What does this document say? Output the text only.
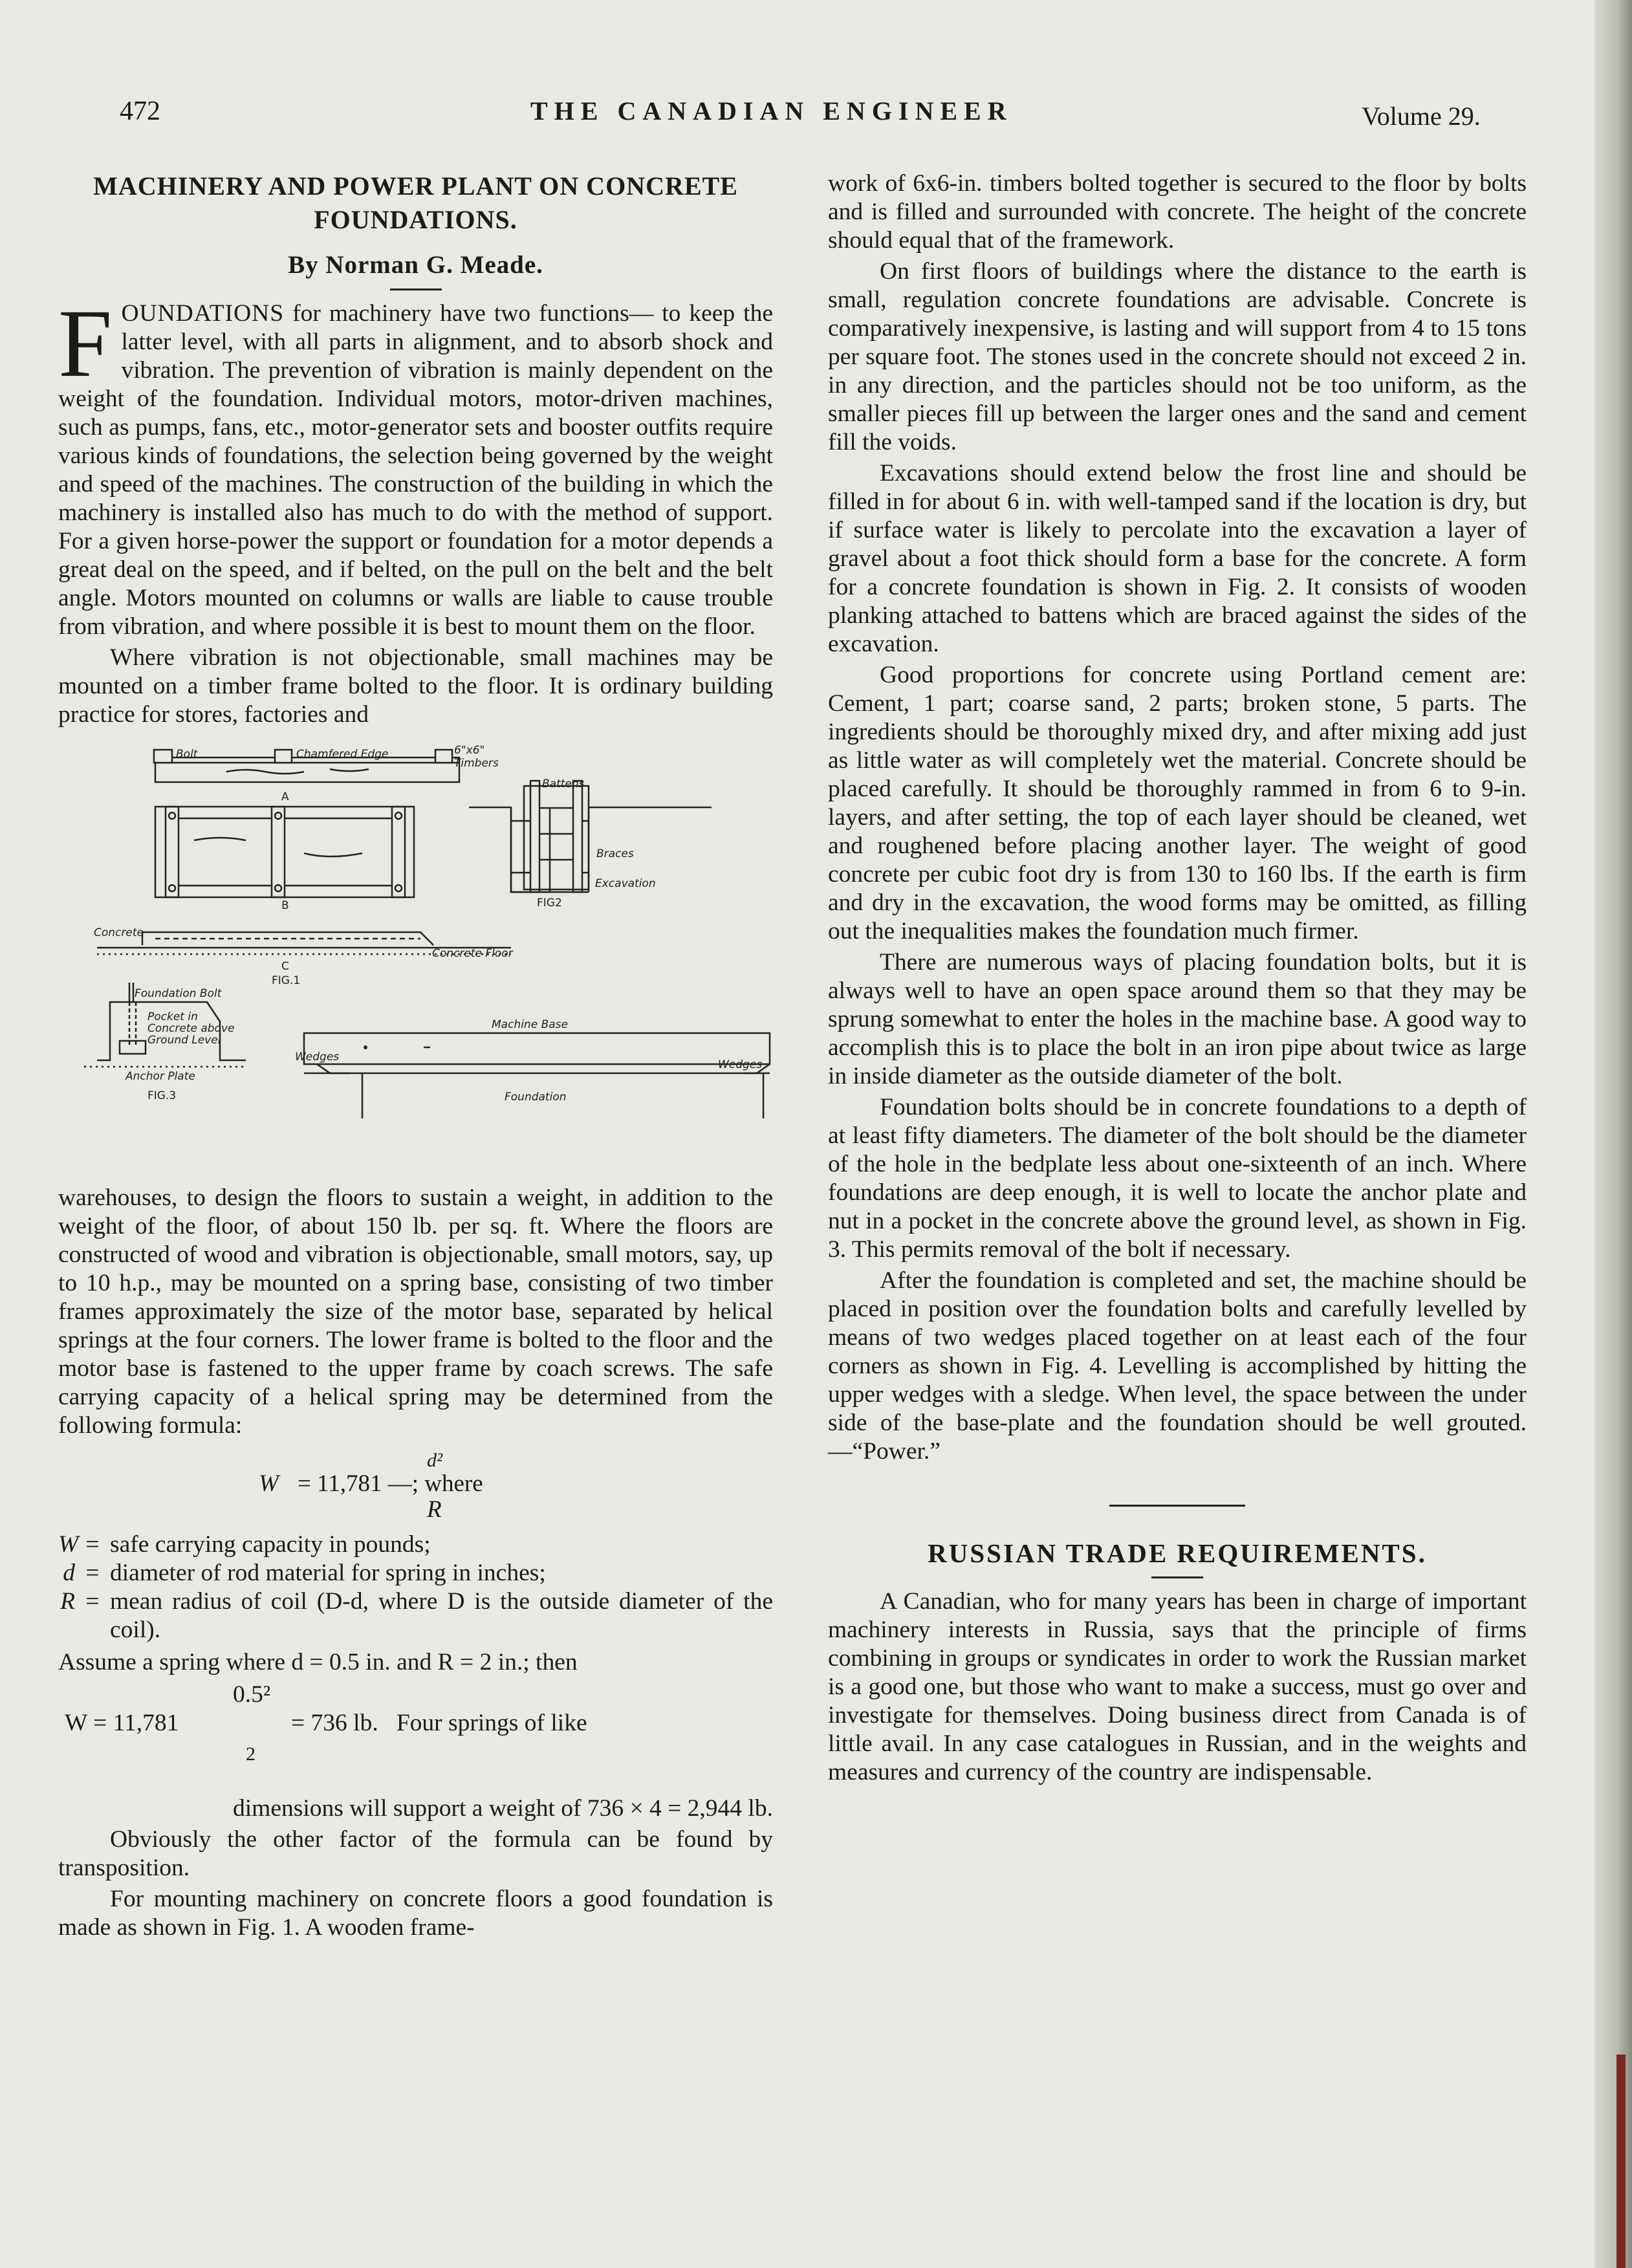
472	THE CANADIAN ENGINEER	Volume 29.
MACHINERY AND POWER PLANT ON CONCRETE FOUNDATIONS.
By Norman G. Meade.

FOUNDATIONS for machinery have two functions— to keep the latter level, with all parts in alignment, and to absorb shock and vibration. The prevention of vibration is mainly dependent on the weight of the foundation. Individual motors, motor-driven machines, such as pumps, fans, etc., motor-generator sets and booster outfits require various kinds of foundations, the selection being governed by the weight and speed of the machines. The construction of the building in which the machinery is installed also has much to do with the method of support. For a given horse-power the support or foundation for a motor depends a great deal on the speed, and if belted, on the pull on the belt and the belt angle. Motors mounted on columns or walls are liable to cause trouble from vibration, and where possible it is best to mount them on the floor.

Where vibration is not objectionable, small machines may be mounted on a timber frame bolted to the floor. It is ordinary building practice for stores, factories and

Bolt	Chamfered Edge	6"x6"
Timbers
A
B
Concrete
Concrete Floor
C
FIG.1
Battens
Braces
Excavation
FIG2
Foundation Bolt
Pocket in
Concrete above
Ground Level
Anchor Plate
FIG.3
Machine Base
Wedges
Wedges
Foundation

warehouses, to design the floors to sustain a weight, in addition to the weight of the floor, of about 150 lb. per sq. ft. Where the floors are constructed of wood and vibration is objectionable, small motors, say, up to 10 h.p., may be mounted on a spring base, consisting of two timber frames approximately the size of the motor base, separated by helical springs at the four corners. The lower frame is bolted to the floor and the motor base is fastened to the upper frame by coach screws. The safe carrying capacity of a helical spring may be determined from the following formula:

d²
W = 11,781 —; where
R
W = safe carrying capacity in pounds;
d = diameter of rod material for spring in inches;
R = mean radius of coil (D-d, where D is the outside diameter of the coil).

Assume a spring where d = 0.5 in. and R = 2 in.; then

0.5²
W = 11,781	= 736 lb.   Four springs of like
2

dimensions will support a weight of 736 × 4 = 2,944 lb.

Obviously the other factor of the formula can be found by transposition.

For mounting machinery on concrete floors a good foundation is made as shown in Fig. 1. A wooden frame-

work of 6x6-in. timbers bolted together is secured to the floor by bolts and is filled and surrounded with concrete. The height of the concrete should equal that of the framework.

On first floors of buildings where the distance to the earth is small, regulation concrete foundations are advisable. Concrete is comparatively inexpensive, is lasting and will support from 4 to 15 tons per square foot. The stones used in the concrete should not exceed 2 in. in any direction, and the particles should not be too uniform, as the smaller pieces fill up between the larger ones and the sand and cement fill the voids.

Excavations should extend below the frost line and should be filled in for about 6 in. with well-tamped sand if the location is dry, but if surface water is likely to percolate into the excavation a layer of gravel about a foot thick should form a base for the concrete. A form for a concrete foundation is shown in Fig. 2. It consists of wooden planking attached to battens which are braced against the sides of the excavation.

Good proportions for concrete using Portland cement are: Cement, 1 part; coarse sand, 2 parts; broken stone, 5 parts. The ingredients should be thoroughly mixed dry, and after mixing add just as little water as will completely wet the material. Concrete should be placed carefully. It should be thoroughly rammed in from 6 to 9-in. layers, and after setting, the top of each layer should be cleaned, wet and roughened before placing another layer. The weight of good concrete per cubic foot dry is from 130 to 160 lbs. If the earth is firm and dry in the excavation, the wood forms may be omitted, as filling out the inequalities makes the foundation much firmer.

There are numerous ways of placing foundation bolts, but it is always well to have an open space around them so that they may be sprung somewhat to enter the holes in the machine base. A good way to accomplish this is to place the bolt in an iron pipe about twice as large in inside diameter as the outside diameter of the bolt.

Foundation bolts should be in concrete foundations to a depth of at least fifty diameters. The diameter of the bolt should be the diameter of the hole in the bedplate less about one-sixteenth of an inch. Where foundations are deep enough, it is well to locate the anchor plate and nut in a pocket in the concrete above the ground level, as shown in Fig. 3. This permits removal of the bolt if necessary.

After the foundation is completed and set, the machine should be placed in position over the foundation bolts and carefully levelled by means of two wedges placed together on at least each of the four corners as shown in Fig. 4. Levelling is accomplished by hitting the upper wedges with a sledge. When level, the space between the under side of the base-plate and the foundation should be well grouted.—“Power.”

RUSSIAN TRADE REQUIREMENTS.

A Canadian, who for many years has been in charge of important machinery interests in Russia, says that the principle of firms combining in groups or syndicates in order to work the Russian market is a good one, but those who want to make a success, must go over and investigate for themselves. Doing business direct from Canada is of little avail. In any case catalogues in Russian, and in the weights and measures and currency of the country are indispensable.
